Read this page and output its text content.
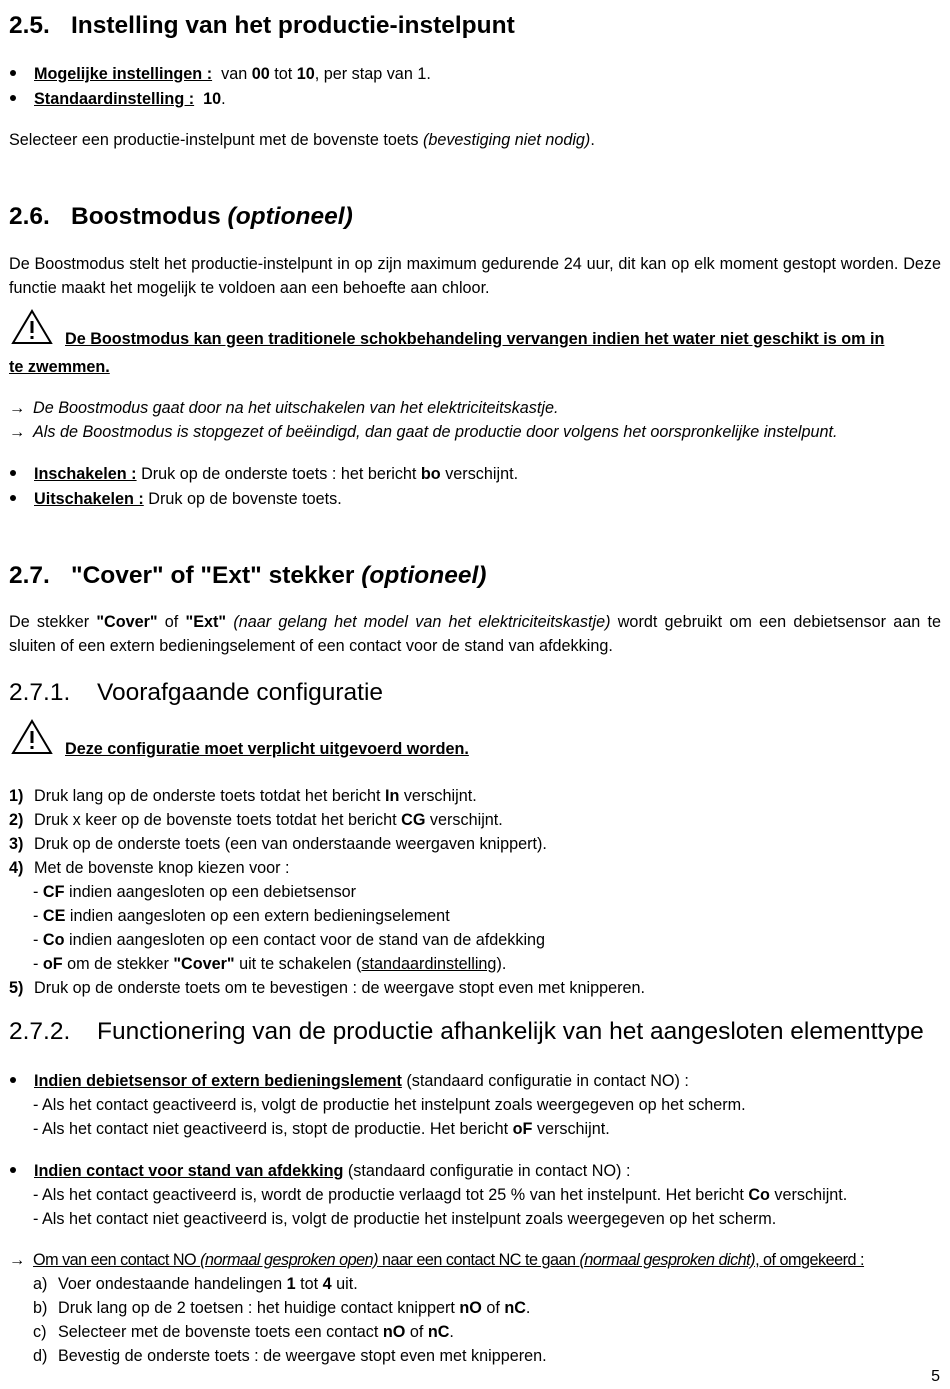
2.5. Instelling van het productie-instelpunt
Mogelijke instellingen : van 00 tot 10, per stap van 1.
Standaardinstelling : 10.
Selecteer een productie-instelpunt met de bovenste toets (bevestiging niet nodig).
2.6. Boostmodus (optioneel)
De Boostmodus stelt het productie-instelpunt in op zijn maximum gedurende 24 uur, dit kan op elk moment gestopt worden. Deze functie maakt het mogelijk te voldoen aan een behoefte aan chloor.
De Boostmodus kan geen traditionele schokbehandeling vervangen indien het water niet geschikt is om in
te zwemmen.
→ De Boostmodus gaat door na het uitschakelen van het elektriciteitskastje.
→ Als de Boostmodus is stopgezet of beëindigd, dan gaat de productie door volgens het oorspronkelijke instelpunt.
Inschakelen : Druk op de onderste toets : het bericht bo verschijnt.
Uitschakelen : Druk op de bovenste toets.
2.7. "Cover" of "Ext" stekker (optioneel)
De stekker "Cover" of "Ext" (naar gelang het model van het elektriciteitskastje) wordt gebruikt om een debietsensor aan te sluiten of een extern bedieningselement of een contact voor de stand van afdekking.
2.7.1. Voorafgaande configuratie
Deze configuratie moet verplicht uitgevoerd worden.
1) Druk lang op de onderste toets totdat het bericht In verschijnt.
2) Druk x keer op de bovenste toets totdat het bericht CG verschijnt.
3) Druk op de onderste toets (een van onderstaande weergaven knippert).
4) Met de bovenste knop kiezen voor :
- CF indien aangesloten op een debietsensor
- CE indien aangesloten op een extern bedieningselement
- Co indien aangesloten op een contact voor de stand van de afdekking
- oF om de stekker "Cover" uit te schakelen (standaardinstelling).
5) Druk op de onderste toets om te bevestigen : de weergave stopt even met knipperen.
2.7.2. Functionering van de productie afhankelijk van het aangesloten elementtype
Indien debietsensor of extern bedieningslement (standaard configuratie in contact NO) :
- Als het contact geactiveerd is, volgt de productie het instelpunt zoals weergegeven op het scherm.
- Als het contact niet geactiveerd is, stopt de productie. Het bericht oF verschijnt.
Indien contact voor stand van afdekking (standaard configuratie in contact NO) :
- Als het contact geactiveerd is, wordt de productie verlaagd tot 25 % van het instelpunt. Het bericht Co verschijnt.
- Als het contact niet geactiveerd is, volgt de productie het instelpunt zoals weergegeven op het scherm.
→ Om van een contact NO (normaal gesproken open) naar een contact NC te gaan (normaal gesproken dicht), of omgekeerd :
a) Voer ondestaande handelingen 1 tot 4 uit.
b) Druk lang op de 2 toetsen : het huidige contact knippert nO of nC.
c) Selecteer met de bovenste toets een contact nO of nC.
d) Bevestig de onderste toets : de weergave stopt even met knipperen.
5
